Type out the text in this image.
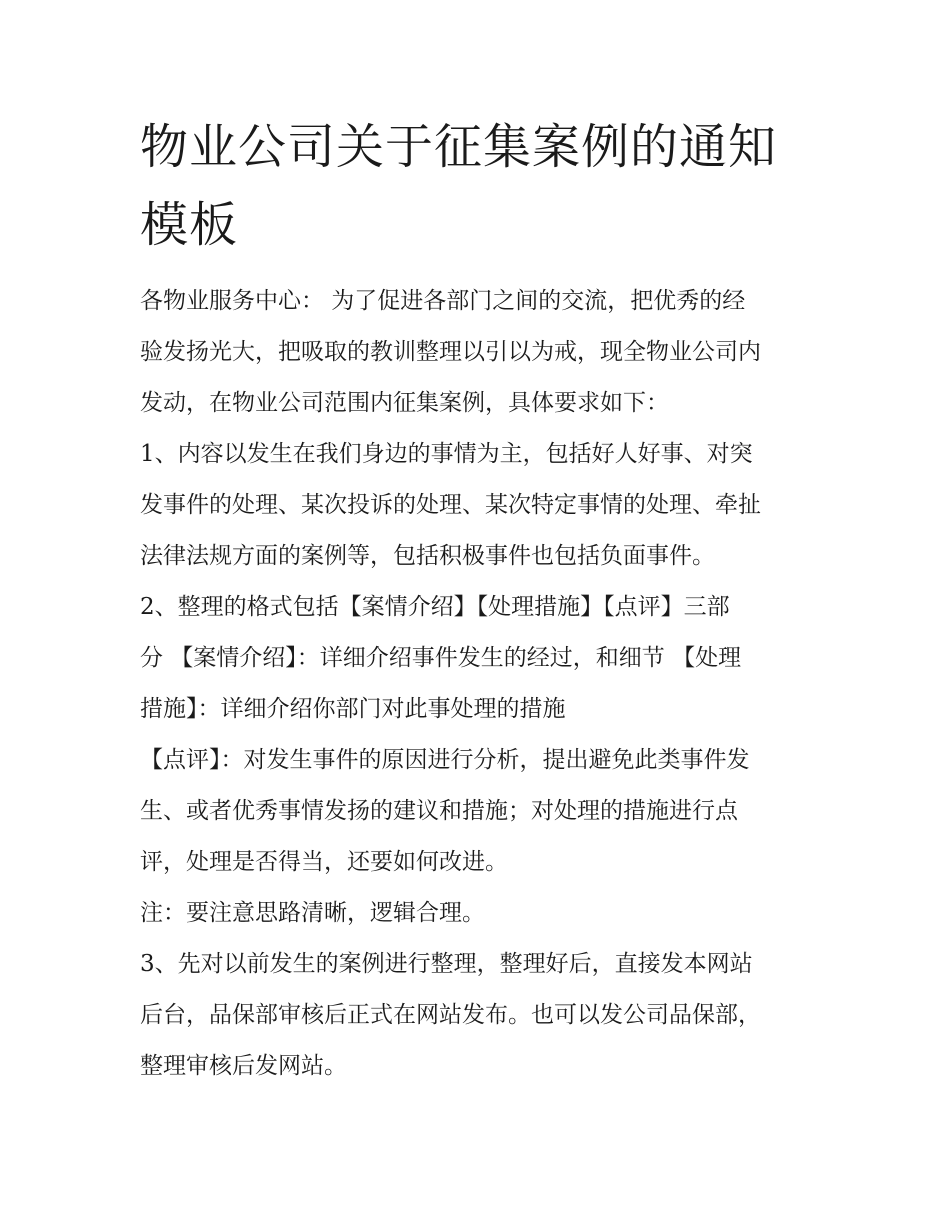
物业公司关于征集案例的通知
模板

各物业服务中心： 为了促进各部门之间的交流，把优秀的经
验发扬光大，把吸取的教训整理以引以为戒，现全物业公司内
发动，在物业公司范围内征集案例，具体要求如下：

1、内容以发生在我们身边的事情为主，包括好人好事、对突
发事件的处理、某次投诉的处理、某次特定事情的处理、牵扯
法律法规方面的案例等，包括积极事件也包括负面事件。

2、整理的格式包括【案情介绍】【处理措施】【点评】三部
分 【案情介绍】：详细介绍事件发生的经过，和细节 【处理
措施】：详细介绍你部门对此事处理的措施

【点评】：对发生事件的原因进行分析，提出避免此类事件发
生、或者优秀事情发扬的建议和措施；对处理的措施进行点
评，处理是否得当，还要如何改进。

注：要注意思路清晰，逻辑合理。

3、先对以前发生的案例进行整理，整理好后，直接发本网站
后台，品保部审核后正式在网站发布。也可以发公司品保部，
整理审核后发网站。
